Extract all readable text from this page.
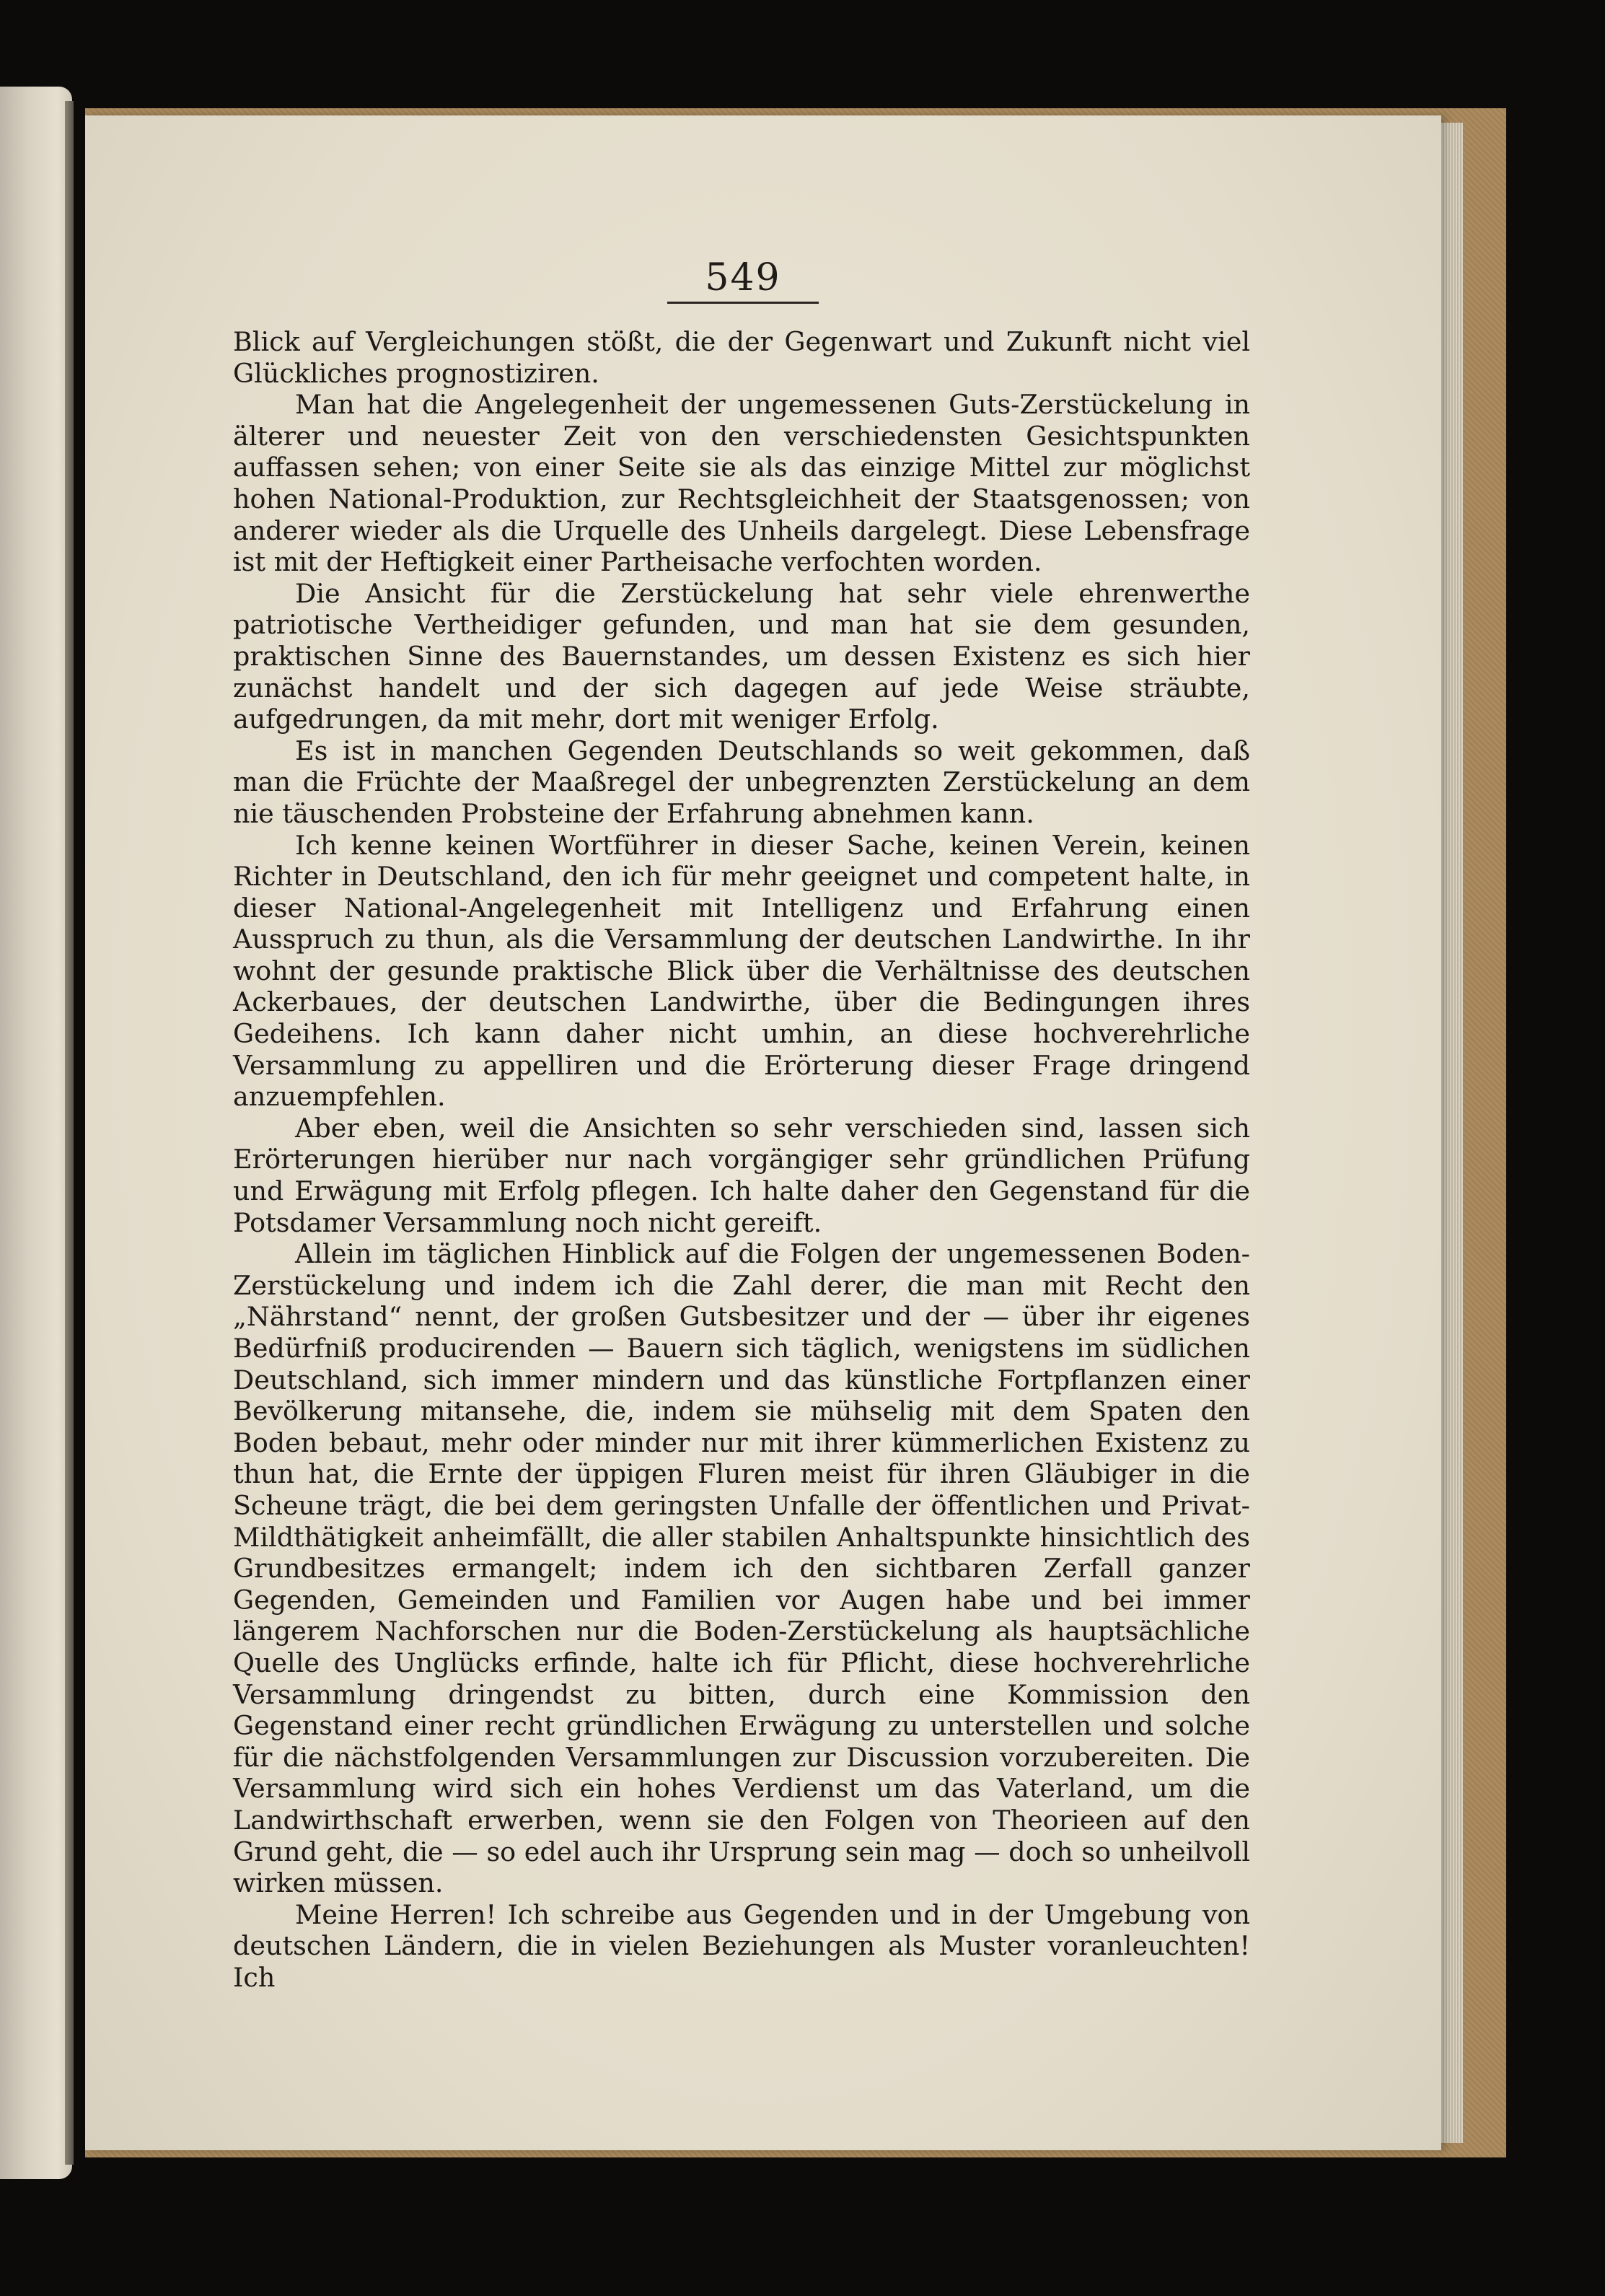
549

Blick auf Vergleichungen stößt, die der Gegenwart und Zukunft nicht viel Glückliches prognostiziren.

Man hat die Angelegenheit der ungemessenen Guts-Zerstückelung in älterer und neuester Zeit von den verschiedensten Gesichtspunkten auffassen sehen; von einer Seite sie als das einzige Mittel zur möglichst hohen National-Produktion, zur Rechtsgleichheit der Staatsgenossen; von anderer wieder als die Urquelle des Unheils dargelegt. Diese Lebensfrage ist mit der Heftigkeit einer Partheisache verfochten worden.

Die Ansicht für die Zerstückelung hat sehr viele ehrenwerthe patriotische Vertheidiger gefunden, und man hat sie dem gesunden, praktischen Sinne des Bauernstandes, um dessen Existenz es sich hier zunächst handelt und der sich dagegen auf jede Weise sträubte, aufgedrungen, da mit mehr, dort mit weniger Erfolg.

Es ist in manchen Gegenden Deutschlands so weit gekommen, daß man die Früchte der Maaßregel der unbegrenzten Zerstückelung an dem nie täuschenden Probsteine der Erfahrung abnehmen kann.

Ich kenne keinen Wortführer in dieser Sache, keinen Verein, keinen Richter in Deutschland, den ich für mehr geeignet und competent halte, in dieser National-Angelegenheit mit Intelligenz und Erfahrung einen Ausspruch zu thun, als die Versammlung der deutschen Landwirthe. In ihr wohnt der gesunde praktische Blick über die Verhältnisse des deutschen Ackerbaues, der deutschen Landwirthe, über die Bedingungen ihres Gedeihens. Ich kann daher nicht umhin, an diese hochverehrliche Versammlung zu appelliren und die Erörterung dieser Frage dringend anzuempfehlen.

Aber eben, weil die Ansichten so sehr verschieden sind, lassen sich Erörterungen hierüber nur nach vorgängiger sehr gründlichen Prüfung und Erwägung mit Erfolg pflegen. Ich halte daher den Gegenstand für die Potsdamer Versammlung noch nicht gereift.

Allein im täglichen Hinblick auf die Folgen der ungemessenen Boden-Zerstückelung und indem ich die Zahl derer, die man mit Recht den „Nährstand“ nennt, der großen Gutsbesitzer und der — über ihr eigenes Bedürfniß producirenden — Bauern sich täglich, wenigstens im südlichen Deutschland, sich immer mindern und das künstliche Fortpflanzen einer Bevölkerung mitansehe, die, indem sie mühselig mit dem Spaten den Boden bebaut, mehr oder minder nur mit ihrer kümmerlichen Existenz zu thun hat, die Ernte der üppigen Fluren meist für ihren Gläubiger in die Scheune trägt, die bei dem geringsten Unfalle der öffentlichen und Privat-Mildthätigkeit anheimfällt, die aller stabilen Anhaltspunkte hinsichtlich des Grundbesitzes ermangelt; indem ich den sichtbaren Zerfall ganzer Gegenden, Gemeinden und Familien vor Augen habe und bei immer längerem Nachforschen nur die Boden-Zerstückelung als hauptsächliche Quelle des Unglücks erfinde, halte ich für Pflicht, diese hochverehrliche Versammlung dringendst zu bitten, durch eine Kommission den Gegenstand einer recht gründlichen Erwägung zu unterstellen und solche für die nächstfolgenden Versammlungen zur Discussion vorzubereiten. Die Versammlung wird sich ein hohes Verdienst um das Vaterland, um die Landwirthschaft erwerben, wenn sie den Folgen von Theorieen auf den Grund geht, die — so edel auch ihr Ursprung sein mag — doch so unheilvoll wirken müssen.

Meine Herren! Ich schreibe aus Gegenden und in der Umgebung von deutschen Ländern, die in vielen Beziehungen als Muster voranleuchten! Ich
